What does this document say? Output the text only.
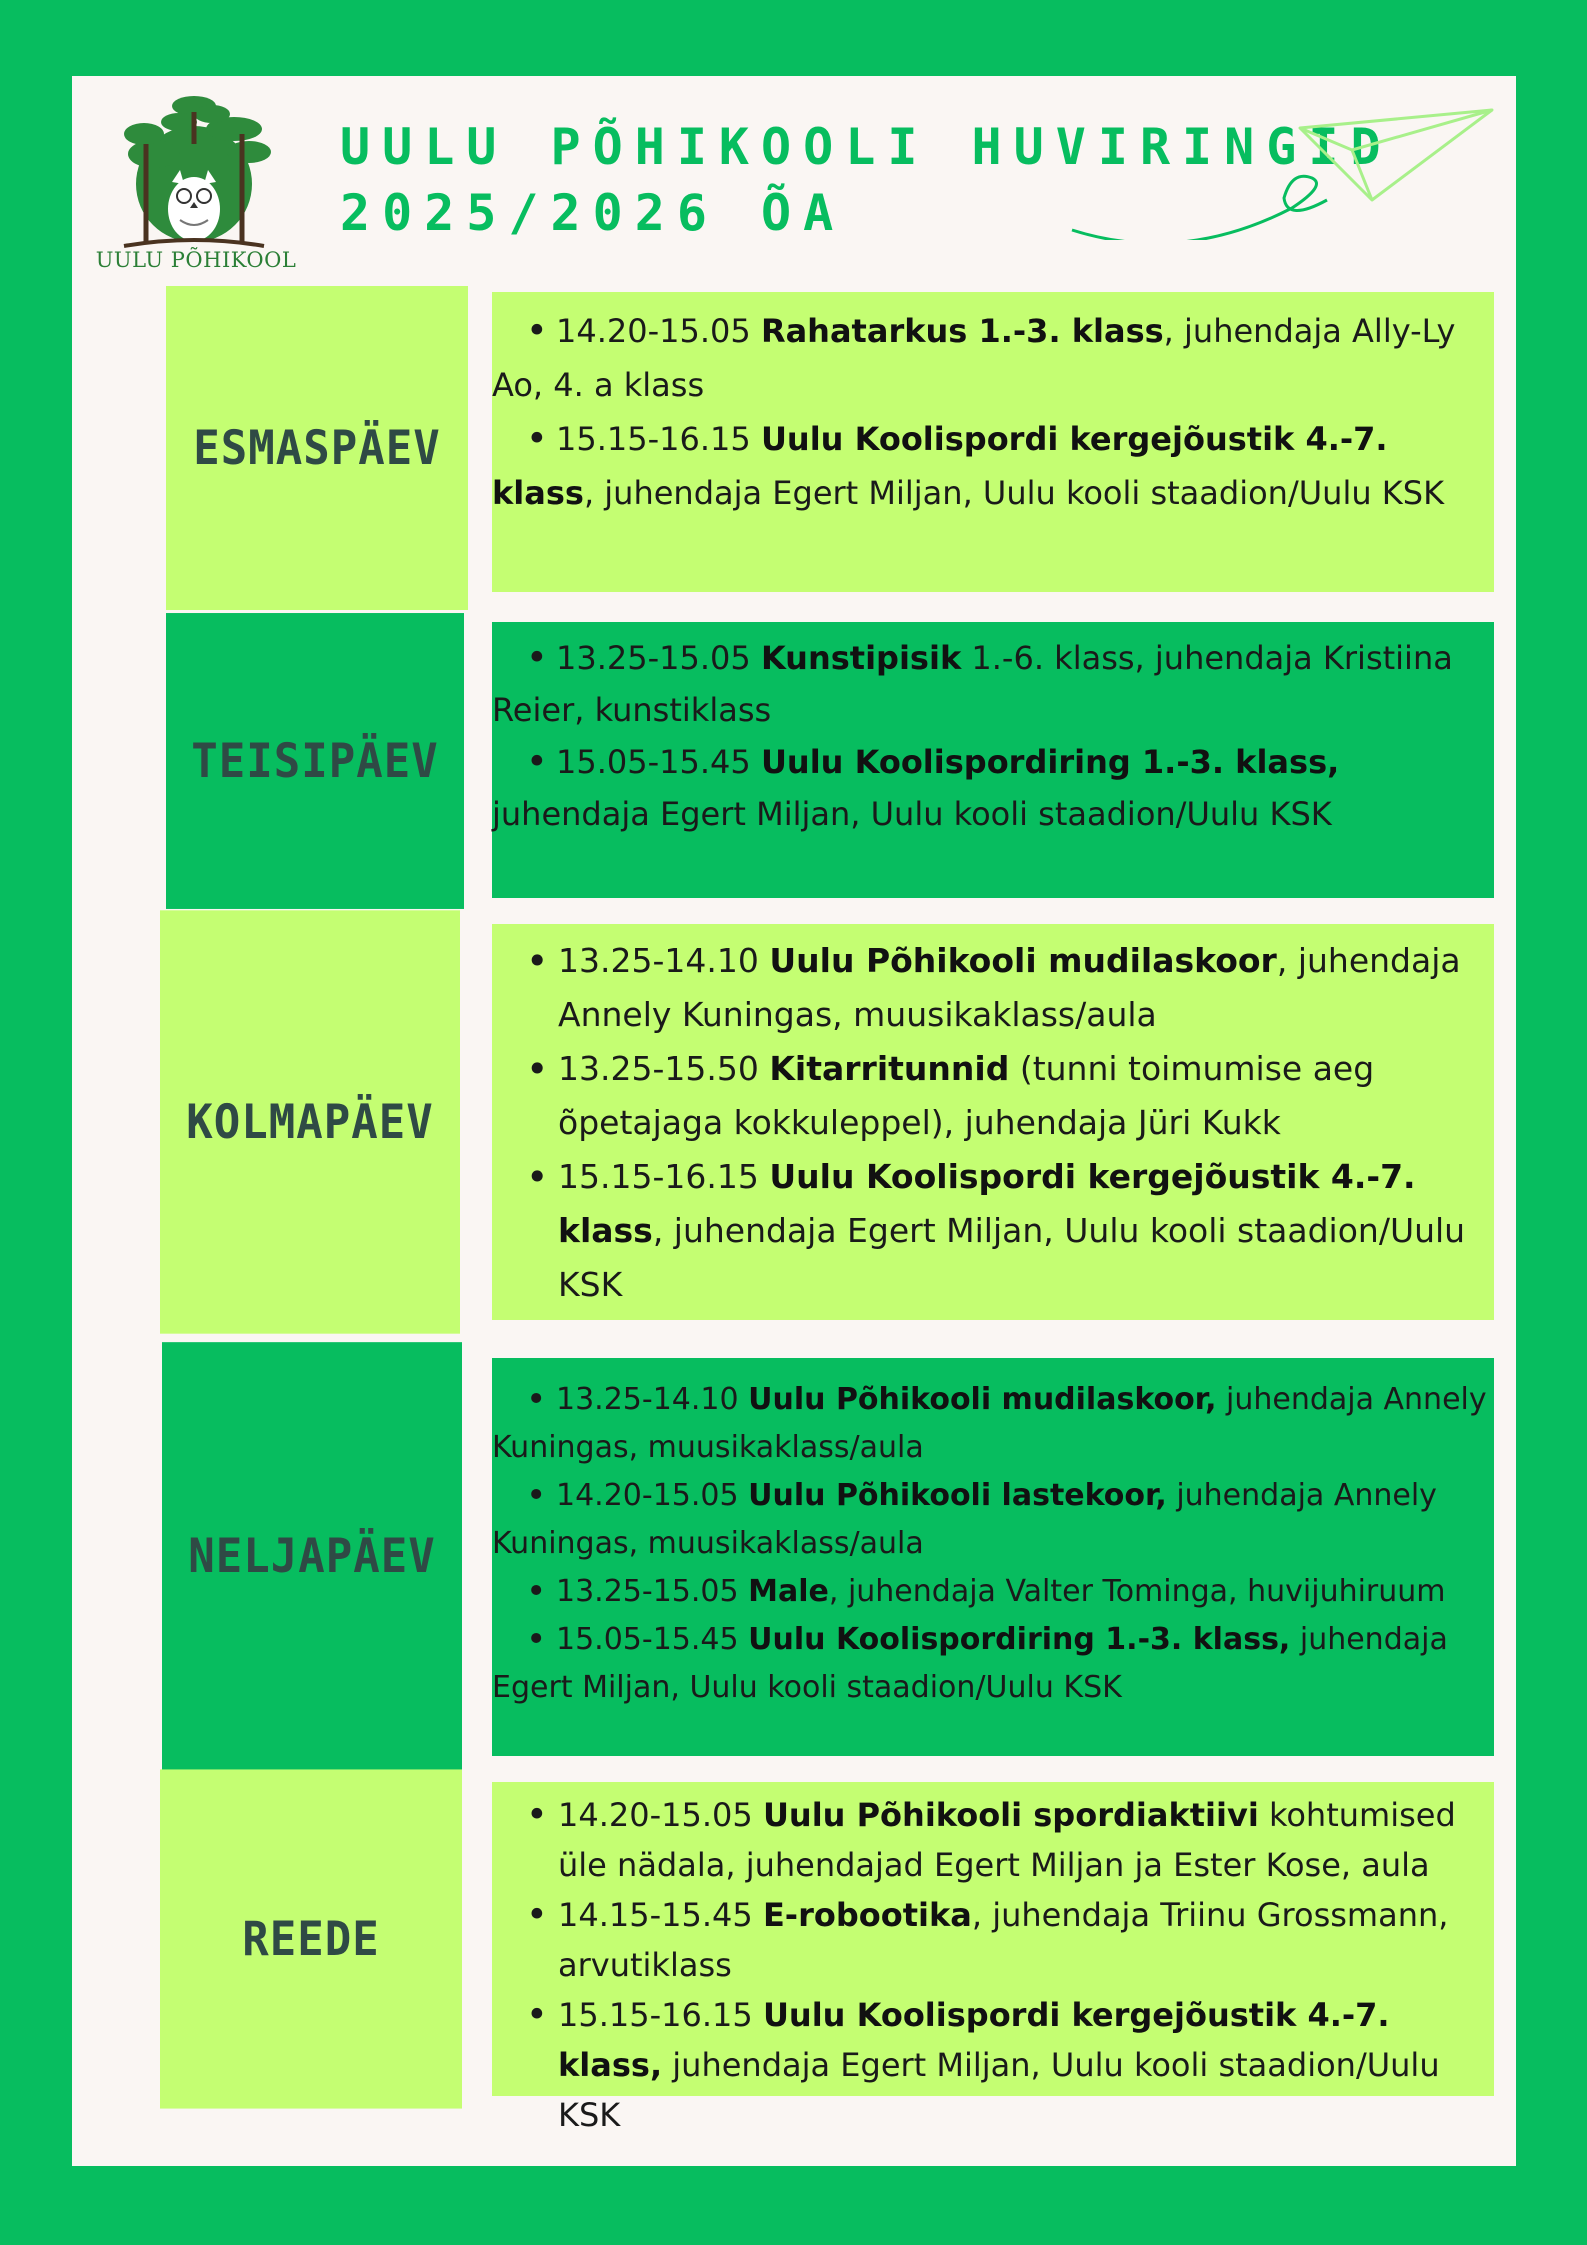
UULU PÕHIKOOL
UULU PÕHIKOOLI HUVIRINGID
2025/2026 ÕA
ESMASPÄEV
• 14.20-15.05 Rahatarkus 1.-3. klass, juhendaja Ally-Ly Ao, 4. a klass
• 15.15-16.15 Uulu Koolispordi kergejõustik 4.-7. klass, juhendaja Egert Miljan, Uulu kooli staadion/Uulu KSK
TEISIPÄEV
• 13.25-15.05 Kunstipisik 1.-6. klass, juhendaja Kristiina Reier, kunstiklass
• 15.05-15.45 Uulu Koolispordiring 1.-3. klass, juhendaja Egert Miljan, Uulu kooli staadion/Uulu KSK
KOLMAPÄEV
• 13.25-14.10 Uulu Põhikooli mudilaskoor, juhendaja Annely Kuningas, muusikaklass/aula
• 13.25-15.50 Kitarritunnid (tunni toimumise aeg õpetajaga kokkuleppel), juhendaja Jüri Kukk
• 15.15-16.15 Uulu Koolispordi kergejõustik 4.-7. klass, juhendaja Egert Miljan, Uulu kooli staadion/Uulu KSK
NELJAPÄEV
• 13.25-14.10 Uulu Põhikooli mudilaskoor, juhendaja Annely Kuningas, muusikaklass/aula
• 14.20-15.05 Uulu Põhikooli lastekoor, juhendaja Annely Kuningas, muusikaklass/aula
• 13.25-15.05 Male, juhendaja Valter Tominga, huvijuhiruum
• 15.05-15.45 Uulu Koolispordiring 1.-3. klass, juhendaja Egert Miljan, Uulu kooli staadion/Uulu KSK
REEDE
• 14.20-15.05 Uulu Põhikooli spordiaktiivi kohtumised üle nädala, juhendajad Egert Miljan ja Ester Kose, aula
• 14.15-15.45 E-robootika, juhendaja Triinu Grossmann, arvutiklass
• 15.15-16.15 Uulu Koolispordi kergejõustik 4.-7. klass, juhendaja Egert Miljan, Uulu kooli staadion/Uulu KSK
